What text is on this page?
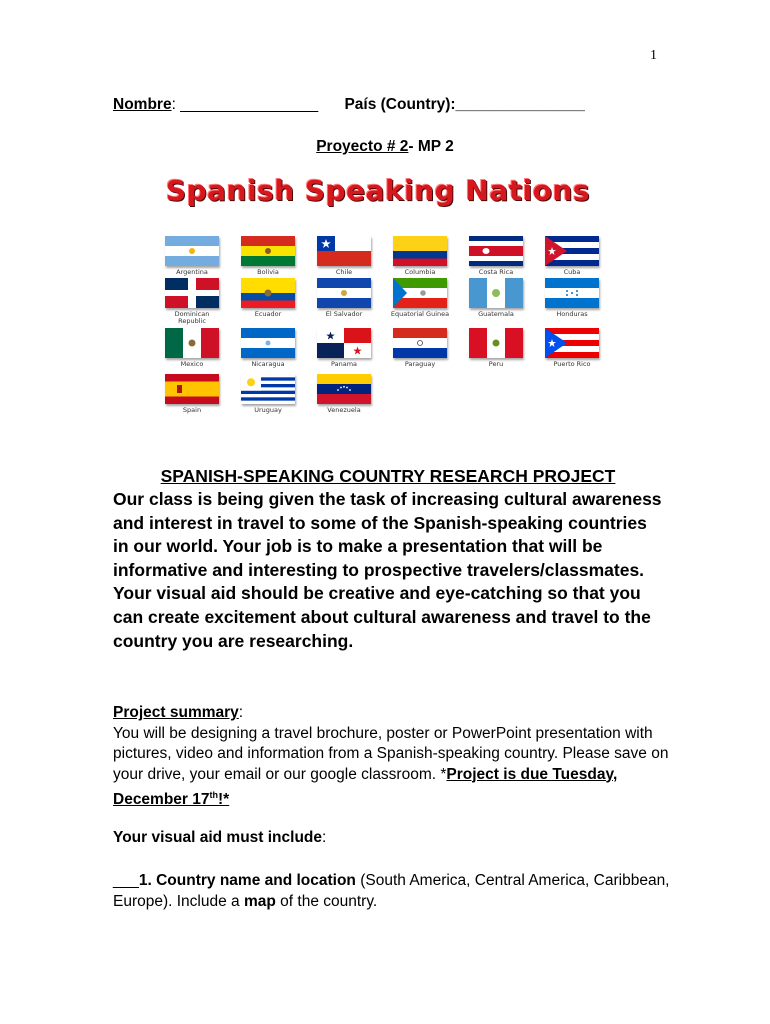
1
Nombre: ________________ País (Country):_______________
Proyecto # 2- MP 2
Spanish Speaking Nations
Argentina	Bolivia	Chile	Columbia	Costa Rica	Cuba
Dominican Republic
Ecuador	El Salvador	Equatorial Guinea	Guatemala	Honduras
Mexico	Nicaragua	Panama	Paraguay	Peru	Puerto Rico
Spain	Uruguay	Venezuela
SPANISH-SPEAKING COUNTRY RESEARCH PROJECT
Our class is being given the task of increasing cultural awareness and interest in travel to some of the Spanish-speaking countries in our world. Your job is to make a presentation that will be informative and interesting to prospective travelers/classmates. Your visual aid should be creative and eye-catching so that you can create excitement about cultural awareness and travel to the country you are researching.
Project summary:
You will be designing a travel brochure, poster or PowerPoint presentation with pictures, video and information from a Spanish-speaking country. Please save on your drive, your email or our google classroom. *Project is due Tuesday, December 17th!*
Your visual aid must include:
___1. Country name and location (South America, Central America, Caribbean, Europe). Include a map of the country.
